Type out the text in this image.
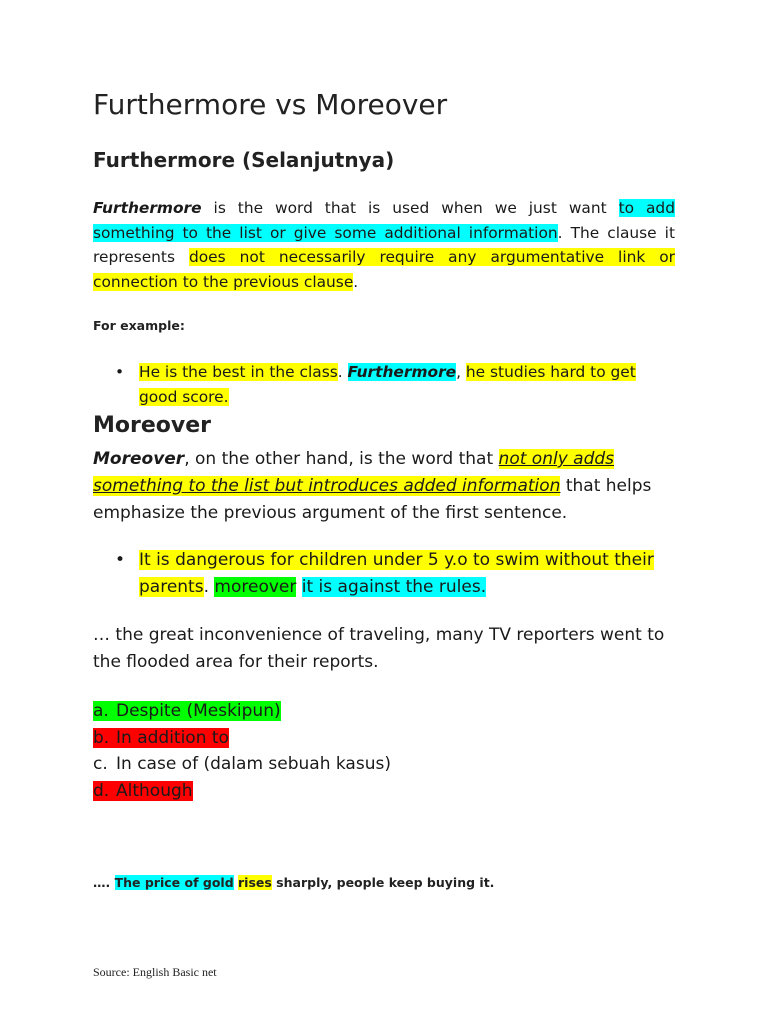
Furthermore vs Moreover
Furthermore (Selanjutnya)

Furthermore is the word that is used when we just want to add something to the list or give some additional information. The clause it represents does not necessarily require any argumentative link or connection to the previous clause.

For example:

• He is the best in the class. Furthermore, he studies hard to get good score.
Moreover

Moreover, on the other hand, is the word that not only adds something to the list but introduces added information that helps emphasize the previous argument of the first sentence.

• It is dangerous for children under 5 y.o to swim without their parents. moreover it is against the rules.

… the great inconvenience of traveling, many TV reporters went to the flooded area for their reports.

a. Despite (Meskipun)
b. In addition to
c. In case of (dalam sebuah kasus)
d. Although

…. The price of gold rises sharply, people keep buying it.

Source: English Basic net
